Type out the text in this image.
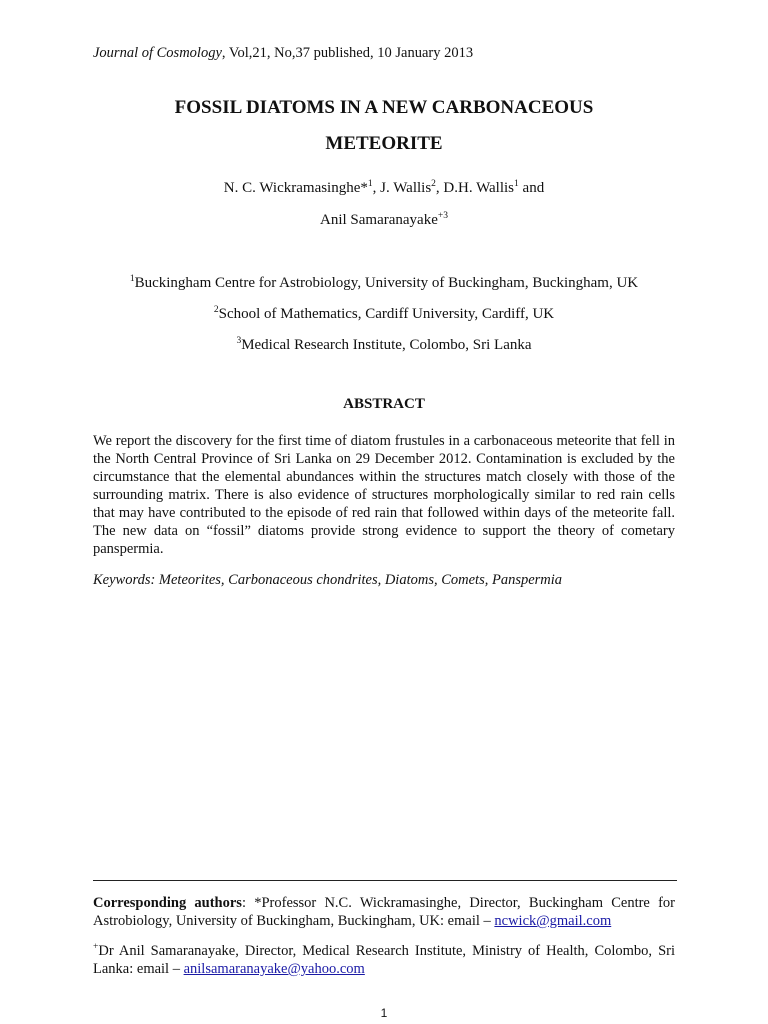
Journal of Cosmology, Vol,21, No,37 published, 10 January 2013
FOSSIL DIATOMS IN A NEW CARBONACEOUS
METEORITE
N. C. Wickramasinghe*$^1$, J. Wallis$^2$, D.H. Wallis$^1$ and
Anil Samaranayake$^{+3}$
$^1$Buckingham Centre for Astrobiology, University of Buckingham, Buckingham, UK
$^2$School of Mathematics, Cardiff University, Cardiff, UK
$^3$Medical Research Institute, Colombo, Sri Lanka
ABSTRACT

We report the discovery for the first time of diatom frustules in a carbonaceous meteorite that fell in the North Central Province of Sri Lanka on 29 December 2012. Contamination is excluded by the circumstance that the elemental abundances within the structures match closely with those of the surrounding matrix. There is also evidence of structures morphologically similar to red rain cells that may have contributed to the episode of red rain that followed within days of the meteorite fall. The new data on “fossil” diatoms provide strong evidence to support the theory of cometary panspermia.

Keywords: Meteorites, Carbonaceous chondrites, Diatoms, Comets, Panspermia

Corresponding authors: *Professor N.C. Wickramasinghe, Director, Buckingham Centre for Astrobiology, University of Buckingham, Buckingham, UK: email – ncwick@gmail.com

+Dr Anil Samaranayake, Director, Medical Research Institute, Ministry of Health, Colombo, Sri Lanka: email – anilsamaranayake@yahoo.com

1
